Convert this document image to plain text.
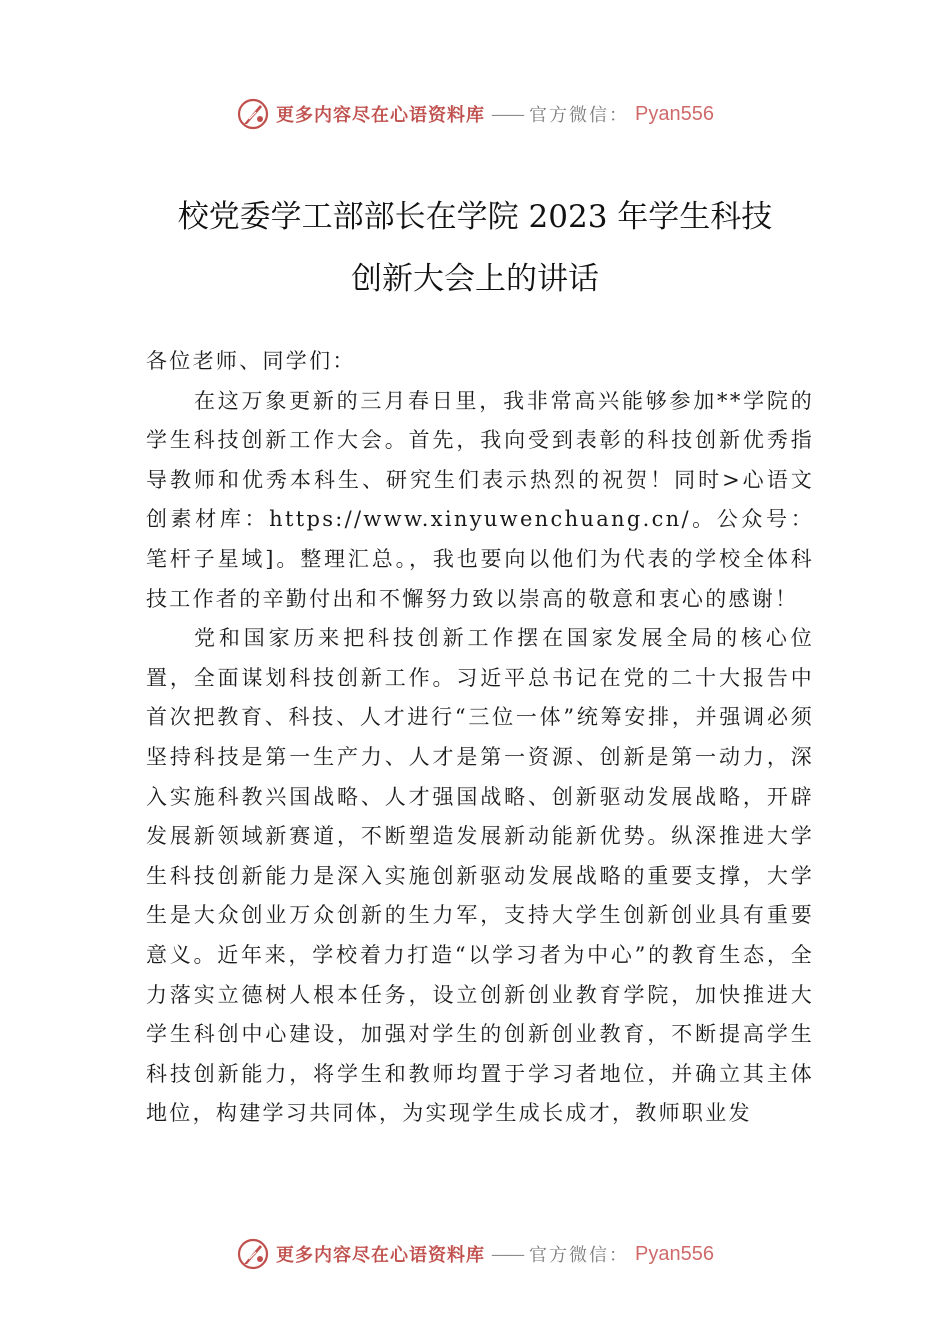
更多内容尽在心语资料库 —— 官方微信： Pyan556
校党委学工部部长在学院 2023 年学生科技
创新大会上的讲话

各位老师、同学们：

在这万象更新的三月春日里，我非常高兴能够参加**学院的学生科技创新工作大会。首先，我向受到表彰的科技创新优秀指导教师和优秀本科生、研究生们表示热烈的祝贺！同时>心语文创素材库：https://www.xinyuwenchuang.cn/。公众号：笔杆子星域]。整理汇总。，我也要向以他们为代表的学校全体科技工作者的辛勤付出和不懈努力致以崇高的敬意和衷心的感谢！

党和国家历来把科技创新工作摆在国家发展全局的核心位置，全面谋划科技创新工作。习近平总书记在党的二十大报告中首次把教育、科技、人才进行“三位一体”统筹安排，并强调必须坚持科技是第一生产力、人才是第一资源、创新是第一动力，深入实施科教兴国战略、人才强国战略、创新驱动发展战略，开辟发展新领域新赛道，不断塑造发展新动能新优势。纵深推进大学生科技创新能力是深入实施创新驱动发展战略的重要支撑，大学生是大众创业万众创新的生力军，支持大学生创新创业具有重要意义。近年来，学校着力打造“以学习者为中心”的教育生态，全力落实立德树人根本任务，设立创新创业教育学院，加快推进大学生科创中心建设，加强对学生的创新创业教育，不断提高学生科技创新能力，将学生和教师均置于学习者地位，并确立其主体地位，构建学习共同体，为实现学生成长成才，教师职业发

更多内容尽在心语资料库 —— 官方微信： Pyan556
